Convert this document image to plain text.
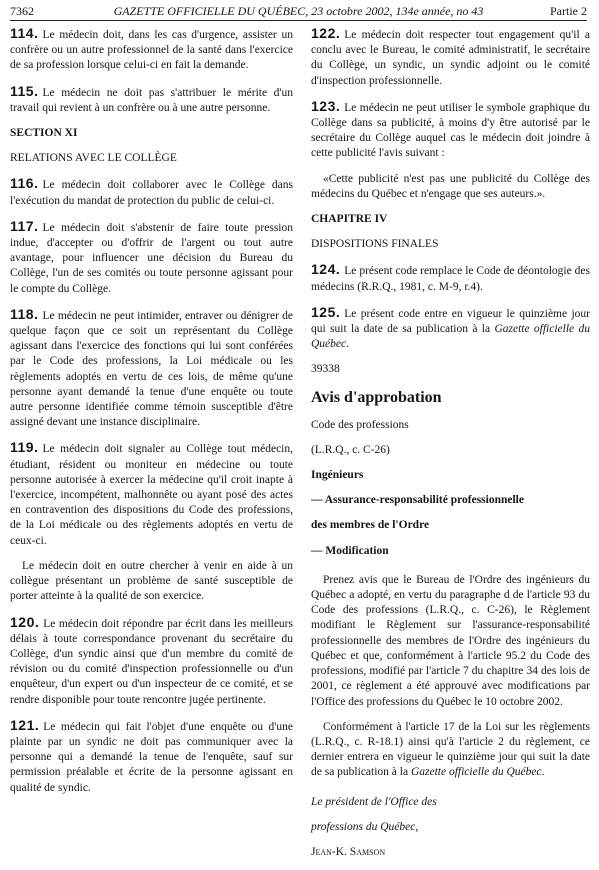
7362	GAZETTE OFFICIELLE DU QUÉBEC, 23 octobre 2002, 134e année, no 43	Partie 2

114. Le médecin doit, dans les cas d'urgence, assister un confrère ou un autre professionnel de la santé dans l'exercice de sa profession lorsque celui-ci en fait la demande.

115. Le médecin ne doit pas s'attribuer le mérite d'un travail qui revient à un confrère ou à une autre personne.

SECTION XI

RELATIONS AVEC LE COLLÈGE

116. Le médecin doit collaborer avec le Collège dans l'exécution du mandat de protection du public de celui-ci.

117. Le médecin doit s'abstenir de faire toute pression indue, d'accepter ou d'offrir de l'argent ou tout autre avantage, pour influencer une décision du Bureau du Collège, l'un de ses comités ou toute personne agissant pour le compte du Collège.

118. Le médecin ne peut intimider, entraver ou dénigrer de quelque façon que ce soit un représentant du Collège agissant dans l'exercice des fonctions qui lui sont conférées par le Code des professions, la Loi médicale ou les règlements adoptés en vertu de ces lois, de même qu'une personne ayant demandé la tenue d'une enquête ou toute autre personne identifiée comme témoin susceptible d'être assigné devant une instance disciplinaire.

119. Le médecin doit signaler au Collège tout médecin, étudiant, résident ou moniteur en médecine ou toute personne autorisée à exercer la médecine qu'il croit inapte à l'exercice, incompétent, malhonnête ou ayant posé des actes en contravention des dispositions du Code des professions, de la Loi médicale ou des règlements adoptés en vertu de ceux-ci.

Le médecin doit en outre chercher à venir en aide à un collègue présentant un problème de santé susceptible de porter atteinte à la qualité de son exercice.

120. Le médecin doit répondre par écrit dans les meilleurs délais à toute correspondance provenant du secrétaire du Collège, d'un syndic ainsi que d'un membre du comité de révision ou du comité d'inspection professionnelle ou d'un enquêteur, d'un expert ou d'un inspecteur de ce comité, et se rendre disponible pour toute rencontre jugée pertinente.

121. Le médecin qui fait l'objet d'une enquête ou d'une plainte par un syndic ne doit pas communiquer avec la personne qui a demandé la tenue de l'enquête, sauf sur permission préalable et écrite de la personne agissant en qualité de syndic.

122. Le médecin doit respecter tout engagement qu'il a conclu avec le Bureau, le comité administratif, le secrétaire du Collège, un syndic, un syndic adjoint ou le comité d'inspection professionnelle.

123. Le médecin ne peut utiliser le symbole graphique du Collège dans sa publicité, à moins d'y être autorisé par le secrétaire du Collège auquel cas le médecin doit joindre à cette publicité l'avis suivant :

«Cette publicité n'est pas une publicité du Collège des médecins du Québec et n'engage que ses auteurs.».

CHAPITRE IV

DISPOSITIONS FINALES

124. Le présent code remplace le Code de déontologie des médecins (R.R.Q., 1981, c. M-9, r.4).

125. Le présent code entre en vigueur le quinzième jour qui suit la date de sa publication à la Gazette officielle du Québec.

39338

Avis d'approbation

Code des professions

(L.R.Q., c. C-26)

Ingénieurs

— Assurance-responsabilité professionnelle

des membres de l'Ordre

— Modification

Prenez avis que le Bureau de l'Ordre des ingénieurs du Québec a adopté, en vertu du paragraphe d de l'article 93 du Code des professions (L.R.Q., c. C-26), le Règlement modifiant le Règlement sur l'assurance-responsabilité professionnelle des membres de l'Ordre des ingénieurs du Québec et que, conformément à l'article 95.2 du Code des professions, modifié par l'article 7 du chapitre 34 des lois de 2001, ce règlement a été approuvé avec modifications par l'Office des professions du Québec le 10 octobre 2002.

Conformément à l'article 17 de la Loi sur les règlements (L.R.Q., c. R-18.1) ainsi qu'à l'article 2 du règlement, ce dernier entrera en vigueur le quinzième jour qui suit la date de sa publication à la Gazette officielle du Québec.

Le président de l'Office des

professions du Québec,

Jean-K. Samson
